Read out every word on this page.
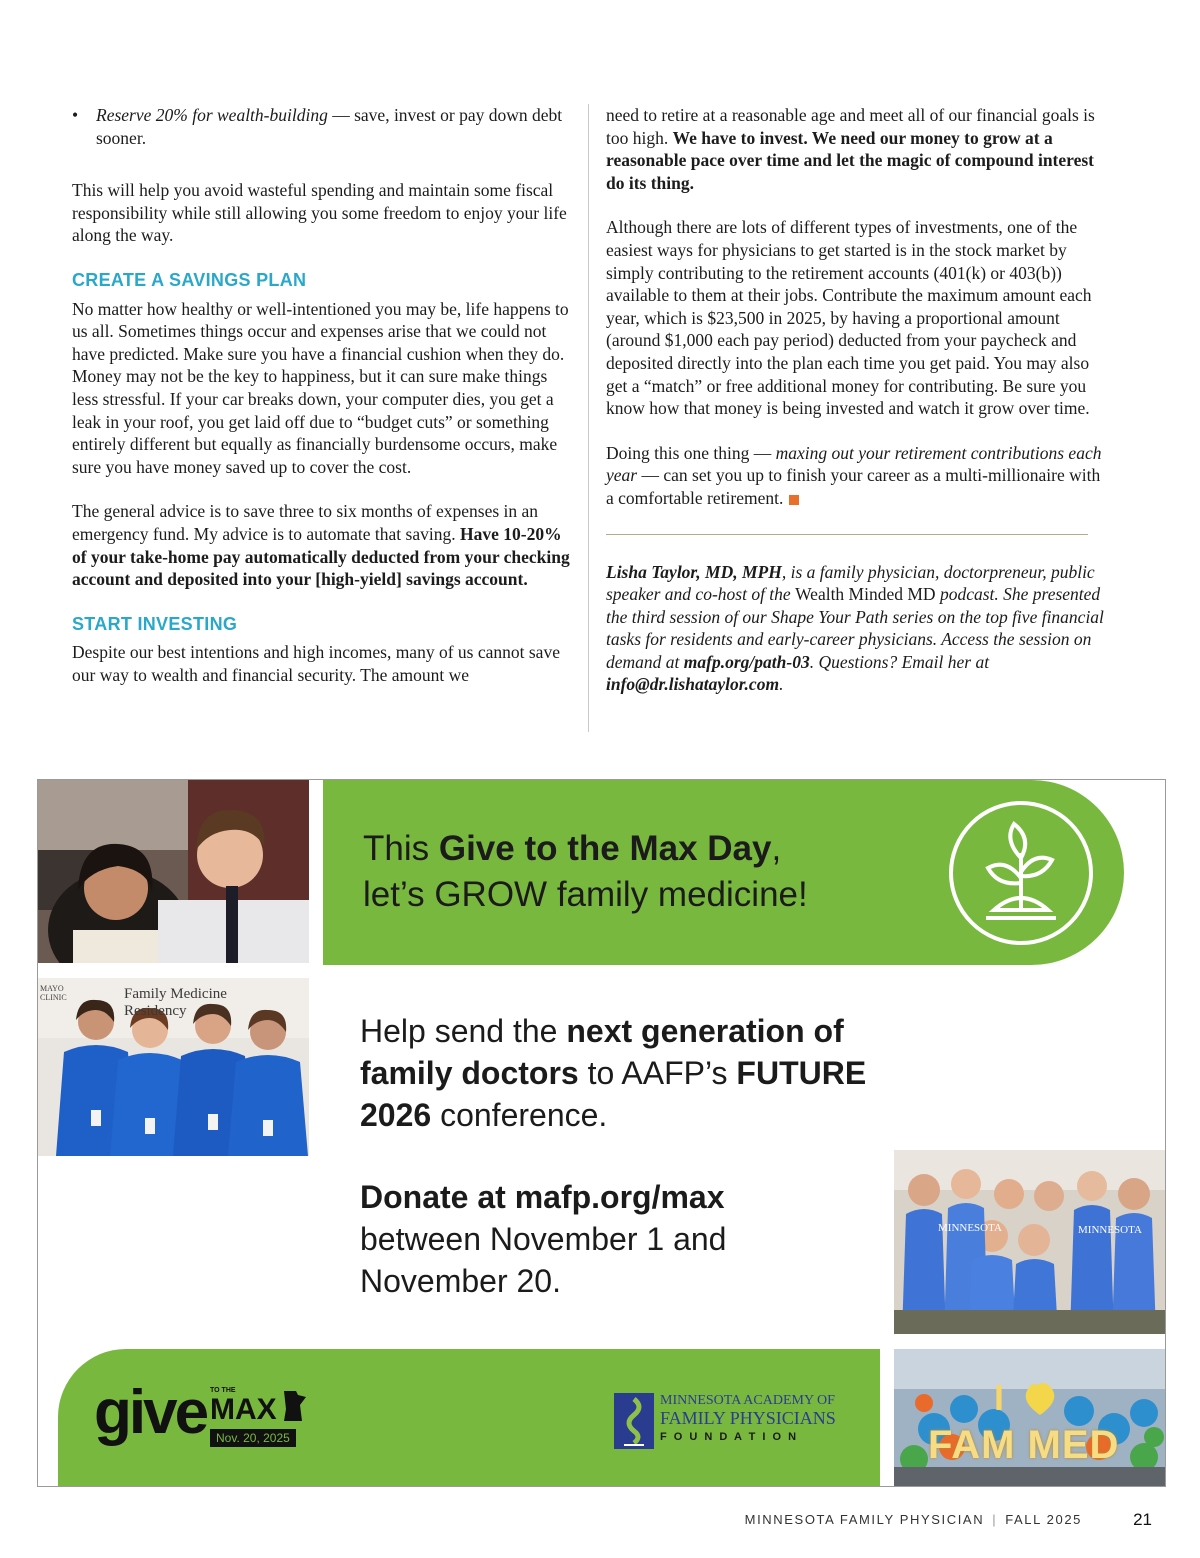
• Reserve 20% for wealth-building — save, invest or pay down debt sooner.

This will help you avoid wasteful spending and maintain some fiscal responsibility while still allowing you some freedom to enjoy your life along the way.

CREATE A SAVINGS PLAN

No matter how healthy or well-intentioned you may be, life happens to us all. Sometimes things occur and expenses arise that we could not have predicted. Make sure you have a financial cushion when they do. Money may not be the key to happiness, but it can sure make things less stressful. If your car breaks down, your computer dies, you get a leak in your roof, you get laid off due to “budget cuts” or something entirely different but equally as financially burdensome occurs, make sure you have money saved up to cover the cost.

The general advice is to save three to six months of expenses in an emergency fund. My advice is to automate that saving. Have 10-20% of your take-home pay automatically deducted from your checking account and deposited into your [high-yield] savings account.

START INVESTING

Despite our best intentions and high incomes, many of us cannot save our way to wealth and financial security. The amount we

need to retire at a reasonable age and meet all of our financial goals is too high. We have to invest. We need our money to grow at a reasonable pace over time and let the magic of compound interest do its thing.

Although there are lots of different types of investments, one of the easiest ways for physicians to get started is in the stock market by simply contributing to the retirement accounts (401(k) or 403(b)) available to them at their jobs. Contribute the maximum amount each year, which is $23,500 in 2025, by having a proportional amount (around $1,000 each pay period) deducted from your paycheck and deposited directly into the plan each time you get paid. You may also get a “match” or free additional money for contributing. Be sure you know how that money is being invested and watch it grow over time.

Doing this one thing — maxing out your retirement contributions each year — can set you up to finish your career as a multi-millionaire with a comfortable retirement.

Lisha Taylor, MD, MPH, is a family physician, doctorpreneur, public speaker and co-host of the Wealth Minded MD podcast. She presented the third session of our Shape Your Path series on the top five financial tasks for residents and early-career physicians. Access the session on demand at mafp.org/path-03. Questions? Email her at info@dr.lishataylor.com.

MAYO CLINIC	Family Medicine
Residency
This Give to the Max Day,
let’s GROW family medicine!
Help send the next generation of family doctors to AAFP’s FUTURE 2026 conference.
Donate at mafp.org/max
between November 1 and November 20.
MINNESOTA	MINNESOTA
I
FAM MED
give TO THE
MAX
Nov. 20, 2025
MINNESOTA ACADEMY OF
FAMILY PHYSICIANS
F O U N D A T I O N
MINNESOTA FAMILY PHYSICIAN | FALL 2025	21
